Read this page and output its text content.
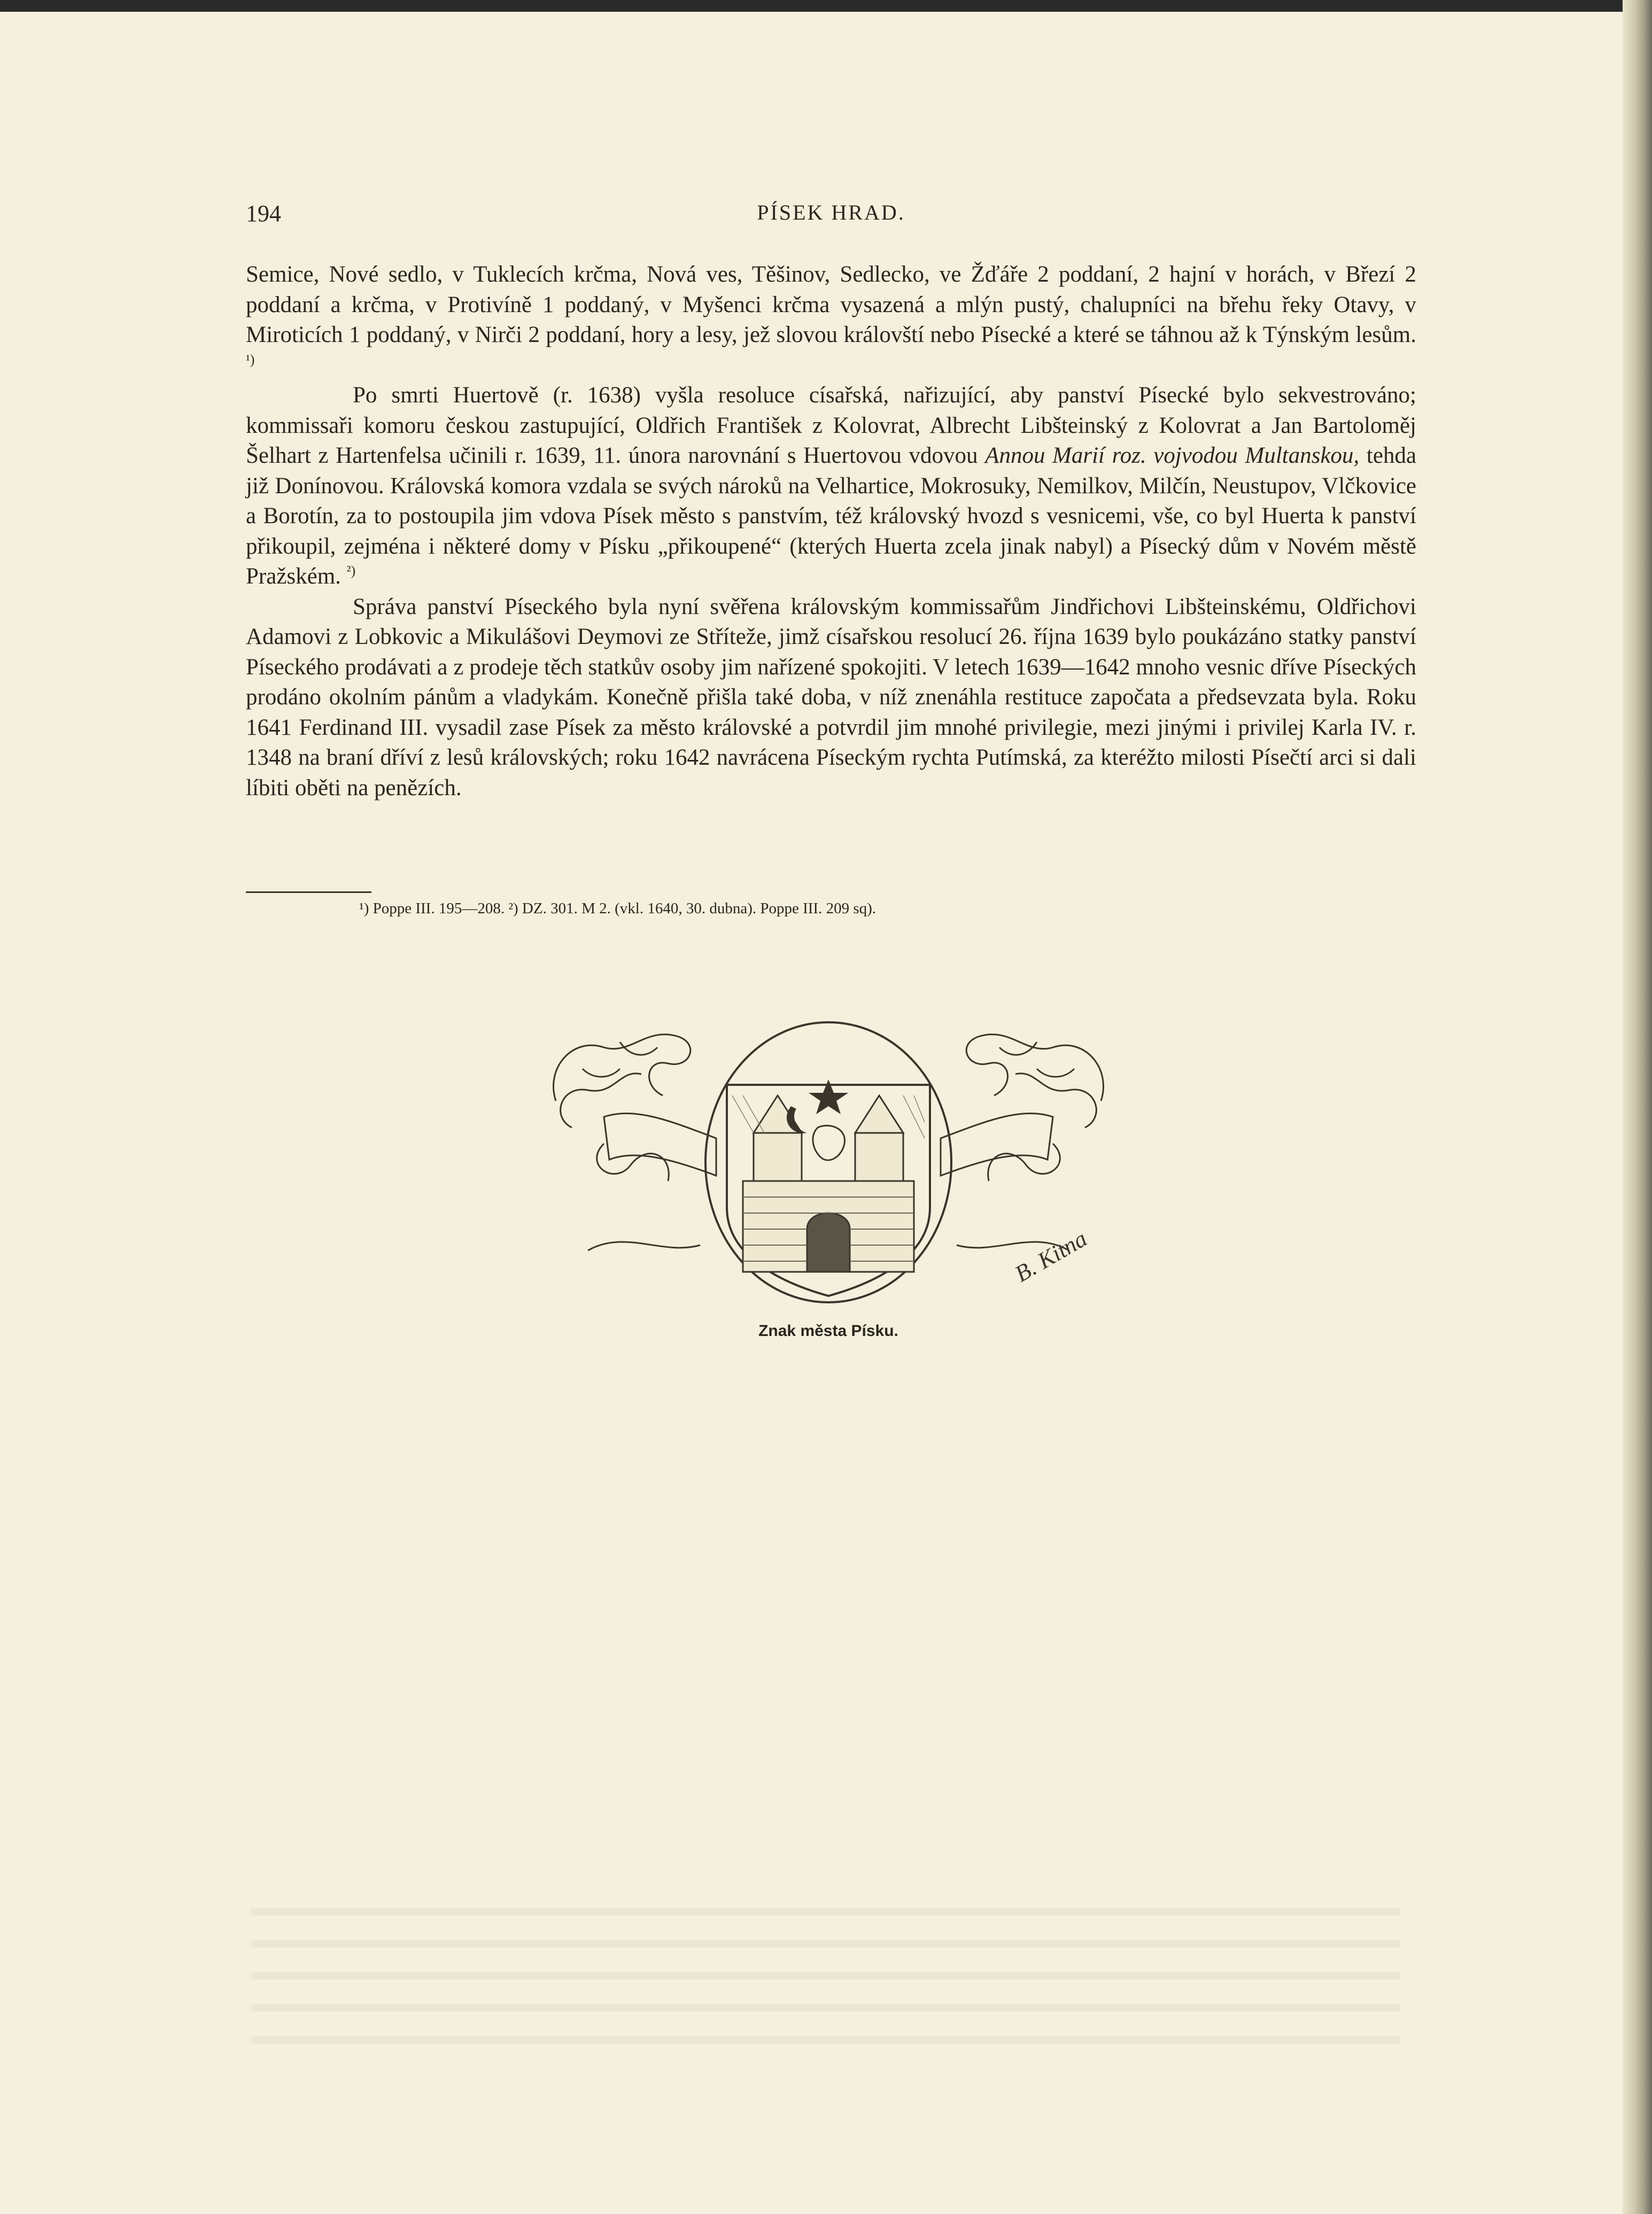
194	PÍSEK HRAD.

Semice, Nové sedlo, v Tuklecích krčma, Nová ves, Těšinov, Sedlecko, ve Žďáře 2 poddaní, 2 hajní v horách, v Březí 2 poddaní a krčma, v Protivíně 1 poddaný, v Myšenci krčma vysazená a mlýn pustý, chalupníci na břehu řeky Otavy, v Miroticích 1 poddaný, v Nirči 2 poddaní, hory a lesy, jež slovou královští nebo Písecké a které se táhnou až k Týnským lesům. $^{^1)}$

Po smrti Huertově (r. 1638) vyšla resoluce císařská, nařizující, aby panství Písecké bylo sekvestrováno; kommissaři komoru českou zastupující, Oldřich František z Kolovrat, Albrecht Libšteinský z Kolovrat a Jan Bartoloměj Šelhart z Hartenfelsa učinili r. 1639, 11. února narovnání s Huertovou vdovou Annou Marií roz. vojvodou Multanskou, tehda již Donínovou. Královská komora vzdala se svých nároků na Velhartice, Mokrosuky, Nemilkov, Milčín, Neustupov, Vlčkovice a Borotín, za to postoupila jim vdova Písek město s panstvím, též královský hvozd s vesnicemi, vše, co byl Huerta k panství přikoupil, zejména i některé domy v Písku „přikoupené“ (kterých Huerta zcela jinak nabyl) a Písecký dům v Novém městě Pražském. $^{^2)}$

Správa panství Píseckého byla nyní svěřena královským kommissařům Jindřichovi Libšteinskému, Oldřichovi Adamovi z Lobkovic a Mikulášovi Deymovi ze Stříteže, jimž císařskou resolucí 26. října 1639 bylo poukázáno statky panství Píseckého prodávati a z prodeje těch statkův osoby jim nařízené spokojiti. V letech 1639—1642 mnoho vesnic dříve Píseckých prodáno okolním pánům a vladykám. Konečně přišla také doba, v níž znenáhla restituce započata a předsevzata byla. Roku 1641 Ferdinand III. vysadil zase Písek za město královské a potvrdil jim mnohé privilegie, mezi jinými i privilej Karla IV. r. 1348 na braní dříví z lesů královských; roku 1642 navrácena Píseckým rychta Putímská, za kteréžto milosti Písečtí arci si dali líbiti oběti na penězích.

¹) Poppe III. 195—208. ²) DZ. 301. M 2. (vkl. 1640, 30. dubna). Poppe III. 209 sq).
B. Kitna
Znak města Písku.
